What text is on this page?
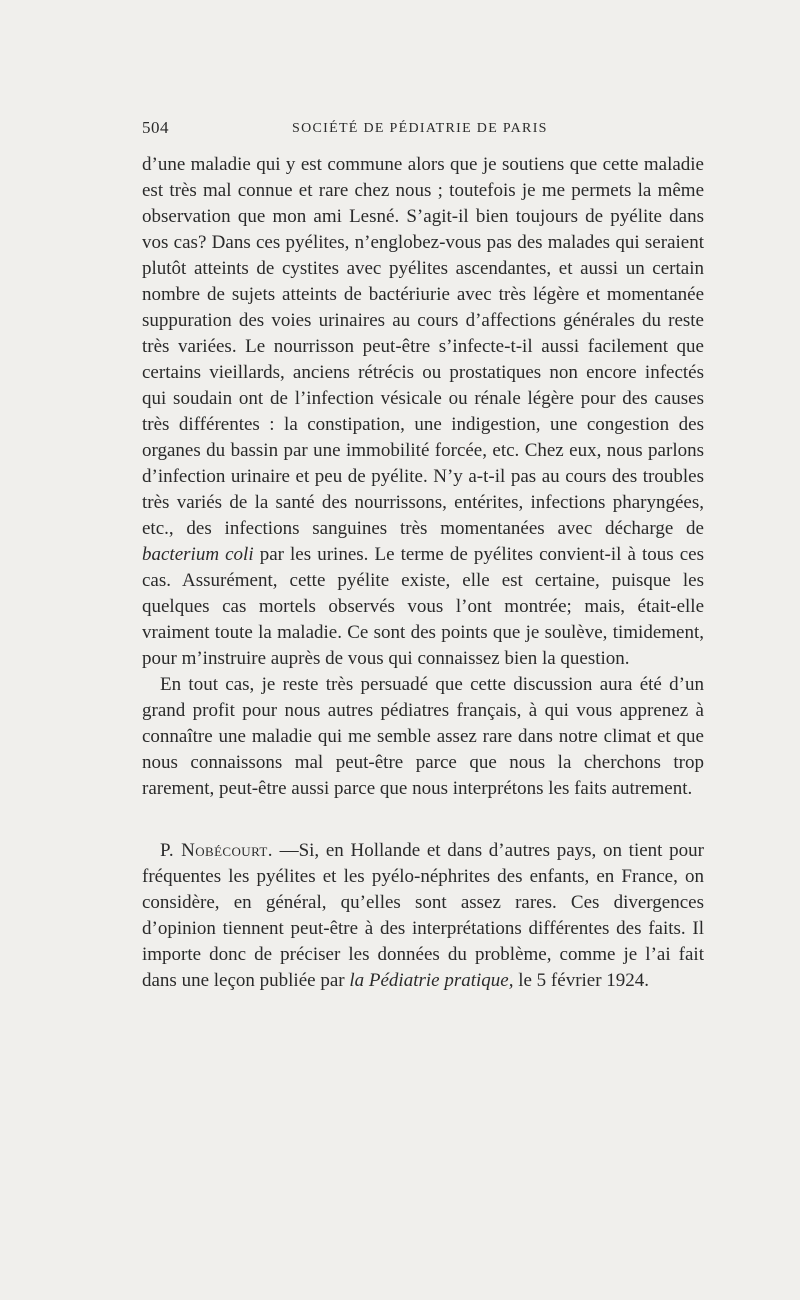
504	SOCIÉTÉ DE PÉDIATRIE DE PARIS

d’une maladie qui y est commune alors que je soutiens que cette maladie est très mal connue et rare chez nous ; toutefois je me permets la même observation que mon ami Lesné. S’agit-il bien toujours de pyélite dans vos cas? Dans ces pyélites, n’englobez-vous pas des malades qui seraient plutôt atteints de cystites avec pyélites ascendantes, et aussi un certain nombre de sujets atteints de bactériurie avec très légère et momentanée suppuration des voies urinaires au cours d’affections générales du reste très variées. Le nourrisson peut-être s’infecte-t-il aussi facilement que certains vieillards, anciens rétrécis ou prostatiques non encore infectés qui soudain ont de l’infection vésicale ou rénale légère pour des causes très différentes : la constipation, une indigestion, une congestion des organes du bassin par une immobilité forcée, etc. Chez eux, nous parlons d’infection urinaire et peu de pyélite. N’y a-t-il pas au cours des troubles très variés de la santé des nourrissons, entérites, infections pharyngées, etc., des infections sanguines très momentanées avec décharge de bacterium coli par les urines. Le terme de pyélites convient-il à tous ces cas. Assurément, cette pyélite existe, elle est certaine, puisque les quelques cas mortels observés vous l’ont montrée; mais, était-elle vraiment toute la maladie. Ce sont des points que je soulève, timidement, pour m’instruire auprès de vous qui connaissez bien la question.

En tout cas, je reste très persuadé que cette discussion aura été d’un grand profit pour nous autres pédiatres français, à qui vous apprenez à connaître une maladie qui me semble assez rare dans notre climat et que nous connaissons mal peut-être parce que nous la cherchons trop rarement, peut-être aussi parce que nous interprétons les faits autrement.

P. Nobécourt. —Si, en Hollande et dans d’autres pays, on tient pour fréquentes les pyélites et les pyélo-néphrites des enfants, en France, on considère, en général, qu’elles sont assez rares. Ces divergences d’opinion tiennent peut-être à des interprétations différentes des faits. Il importe donc de préciser les données du problème, comme je l’ai fait dans une leçon publiée par la Pédiatrie pratique, le 5 février 1924.
